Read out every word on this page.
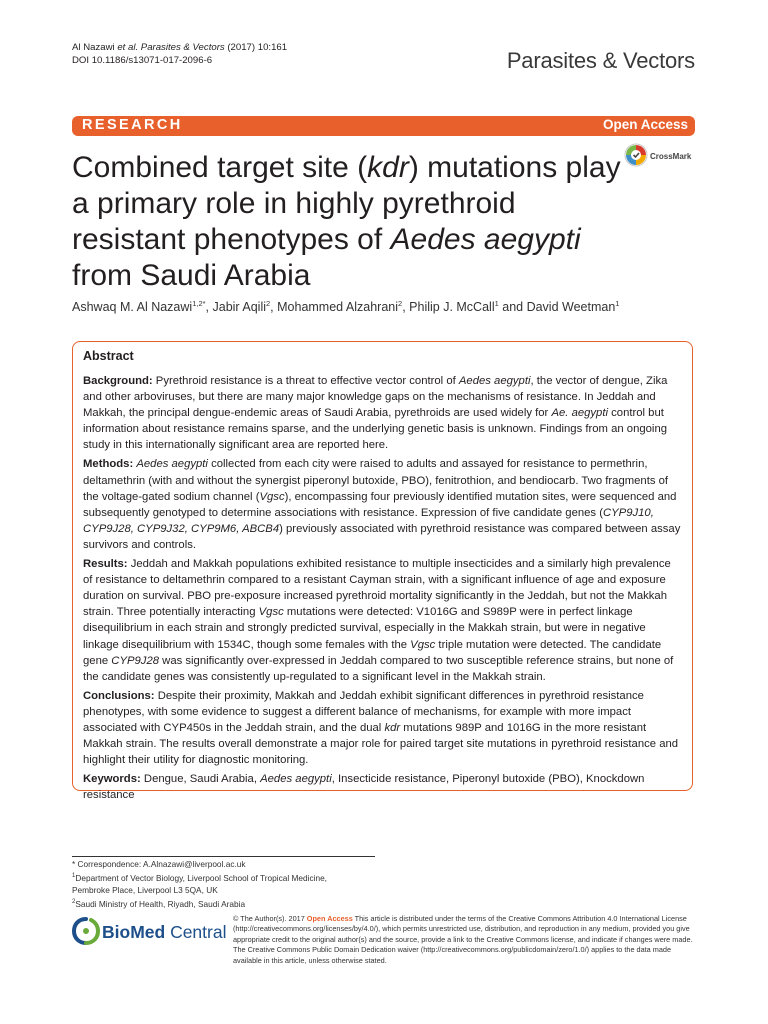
Al Nazawi et al. Parasites & Vectors (2017) 10:161
DOI 10.1186/s13071-017-2096-6	Parasites & Vectors
RESEARCH	Open Access
Combined target site (kdr) mutations play a primary role in highly pyrethroid resistant phenotypes of Aedes aegypti from Saudi Arabia
CrossMark
Ashwaq M. Al Nazawi$^{1,2*}$, Jabir Aqili$^2$, Mohammed Alzahrani$^2$, Philip J. McCall$^1$ and David Weetman$^1$
Abstract

Background: Pyrethroid resistance is a threat to effective vector control of Aedes aegypti, the vector of dengue, Zika and other arboviruses, but there are many major knowledge gaps on the mechanisms of resistance. In Jeddah and Makkah, the principal dengue-endemic areas of Saudi Arabia, pyrethroids are used widely for Ae. aegypti control but information about resistance remains sparse, and the underlying genetic basis is unknown. Findings from an ongoing study in this internationally significant area are reported here.

Methods: Aedes aegypti collected from each city were raised to adults and assayed for resistance to permethrin, deltamethrin (with and without the synergist piperonyl butoxide, PBO), fenitrothion, and bendiocarb. Two fragments of the voltage-gated sodium channel (Vgsc), encompassing four previously identified mutation sites, were sequenced and subsequently genotyped to determine associations with resistance. Expression of five candidate genes (CYP9J10, CYP9J28, CYP9J32, CYP9M6, ABCB4) previously associated with pyrethroid resistance was compared between assay survivors and controls.

Results: Jeddah and Makkah populations exhibited resistance to multiple insecticides and a similarly high prevalence of resistance to deltamethrin compared to a resistant Cayman strain, with a significant influence of age and exposure duration on survival. PBO pre-exposure increased pyrethroid mortality significantly in the Jeddah, but not the Makkah strain. Three potentially interacting Vgsc mutations were detected: V1016G and S989P were in perfect linkage disequilibrium in each strain and strongly predicted survival, especially in the Makkah strain, but were in negative linkage disequilibrium with 1534C, though some females with the Vgsc triple mutation were detected. The candidate gene CYP9J28 was significantly over-expressed in Jeddah compared to two susceptible reference strains, but none of the candidate genes was consistently up-regulated to a significant level in the Makkah strain.

Conclusions: Despite their proximity, Makkah and Jeddah exhibit significant differences in pyrethroid resistance phenotypes, with some evidence to suggest a different balance of mechanisms, for example with more impact associated with CYP450s in the Jeddah strain, and the dual kdr mutations 989P and 1016G in the more resistant Makkah strain. The results overall demonstrate a major role for paired target site mutations in pyrethroid resistance and highlight their utility for diagnostic monitoring.

Keywords: Dengue, Saudi Arabia, Aedes aegypti, Insecticide resistance, Piperonyl butoxide (PBO), Knockdown resistance

* Correspondence: A.Alnazawi@liverpool.ac.uk
$^1$Department of Vector Biology, Liverpool School of Tropical Medicine,
Pembroke Place, Liverpool L3 5QA, UK
$^2$Saudi Ministry of Health, Riyadh, Saudi Arabia
BioMed Central
© The Author(s). 2017 Open Access This article is distributed under the terms of the Creative Commons Attribution 4.0 International License (http://creativecommons.org/licenses/by/4.0/), which permits unrestricted use, distribution, and reproduction in any medium, provided you give appropriate credit to the original author(s) and the source, provide a link to the Creative Commons license, and indicate if changes were made. The Creative Commons Public Domain Dedication waiver (http://creativecommons.org/publicdomain/zero/1.0/) applies to the data made available in this article, unless otherwise stated.
